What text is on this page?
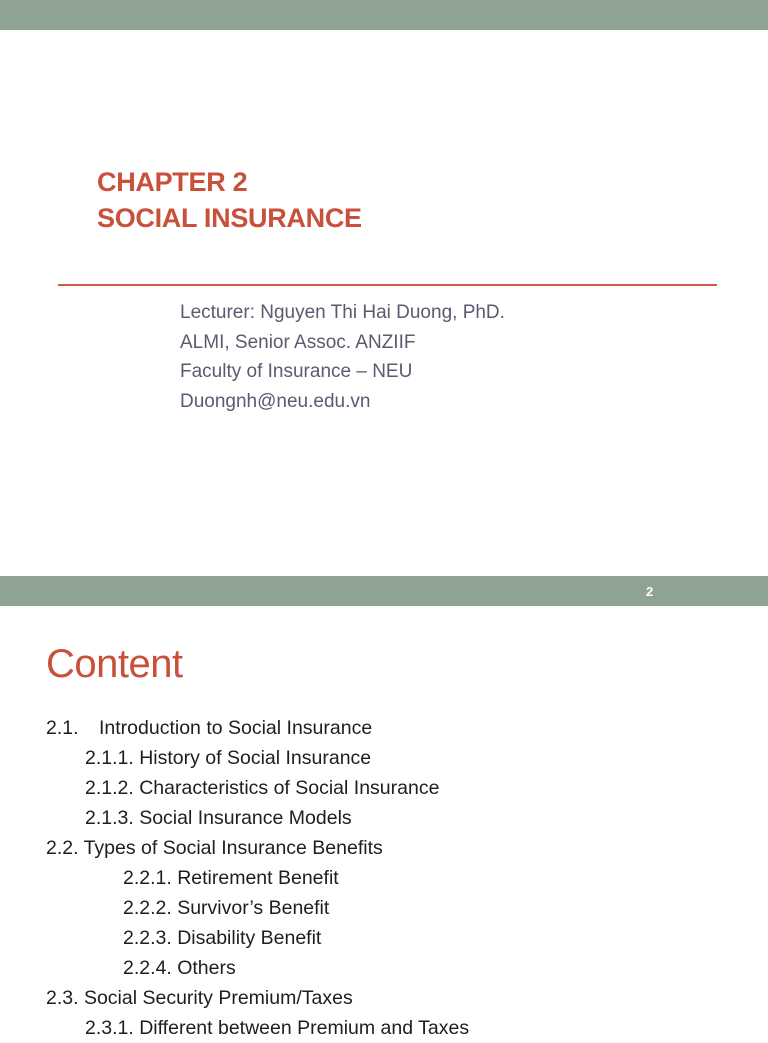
CHAPTER 2
SOCIAL INSURANCE
Lecturer: Nguyen Thi Hai Duong, PhD.
ALMI, Senior Assoc. ANZIIF
Faculty of Insurance – NEU
Duongnh@neu.edu.vn
2
Content
2.1. Introduction to Social Insurance
2.1.1. History of Social Insurance
2.1.2. Characteristics of Social Insurance
2.1.3. Social Insurance Models
2.2. Types of Social Insurance Benefits
2.2.1. Retirement Benefit
2.2.2. Survivor’s Benefit
2.2.3. Disability Benefit
2.2.4. Others
2.3. Social Security Premium/Taxes
2.3.1. Different between Premium and Taxes
